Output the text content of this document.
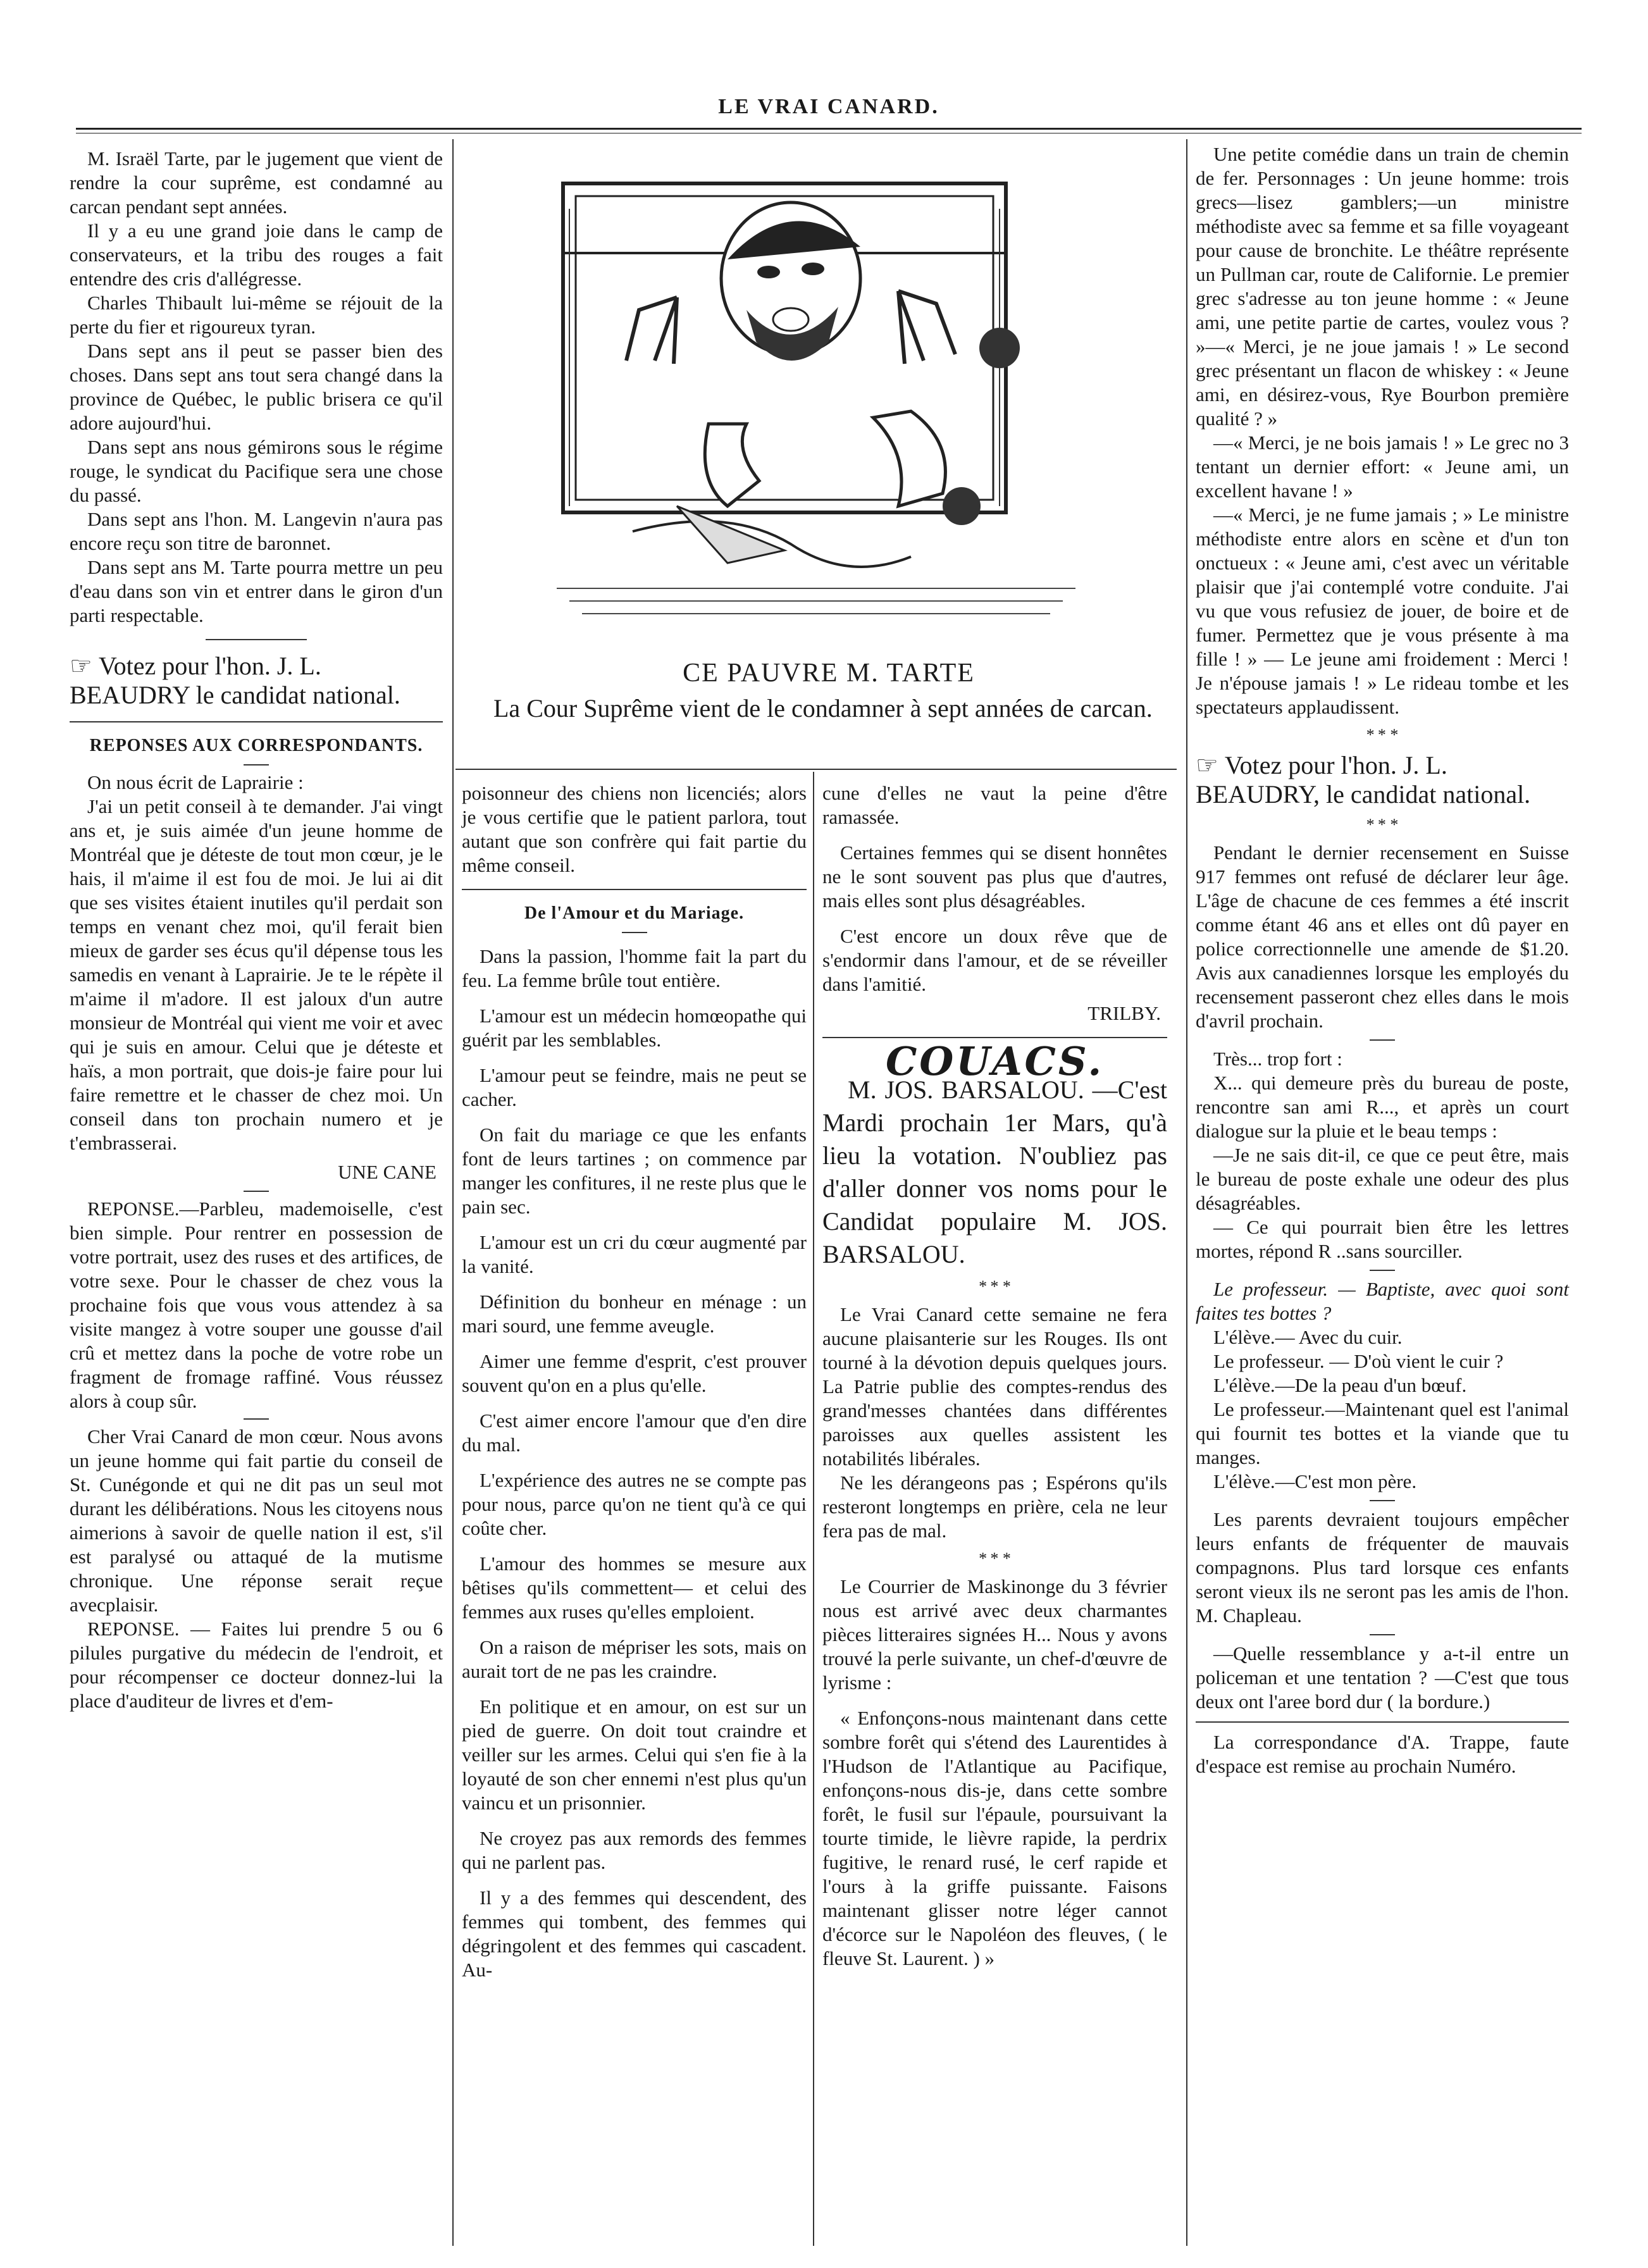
LE VRAI CANARD.

M. Israël Tarte, par le jugement que vient de rendre la cour suprême, est condamné au carcan pendant sept années.

Il y a eu une grand joie dans le camp de conservateurs, et la tribu des rouges a fait entendre des cris d'allégresse.

Charles Thibault lui-même se réjouit de la perte du fier et rigoureux tyran.

Dans sept ans il peut se passer bien des choses. Dans sept ans tout sera changé dans la province de Québec, le public brisera ce qu'il adore aujourd'hui.

Dans sept ans nous gémirons sous le régime rouge, le syndicat du Pacifique sera une chose du passé.

Dans sept ans l'hon. M. Langevin n'aura pas encore reçu son titre de baronnet.

Dans sept ans M. Tarte pourra mettre un peu d'eau dans son vin et entrer dans le giron d'un parti respectable.

☞ Votez pour l'hon. J. L. BEAUDRY le candidat national.

REPONSES AUX CORRESPONDANTS.

On nous écrit de Laprairie :

J'ai un petit conseil à te demander. J'ai vingt ans et, je suis aimée d'un jeune homme de Montréal que je déteste de tout mon cœur, je le hais, il m'aime il est fou de moi. Je lui ai dit que ses visites étaient inutiles qu'il perdait son temps en venant chez moi, qu'il ferait bien mieux de garder ses écus qu'il dépense tous les samedis en venant à Laprairie. Je te le répète il m'aime il m'adore. Il est jaloux d'un autre monsieur de Montréal qui vient me voir et avec qui je suis en amour. Celui que je déteste et haïs, a mon portrait, que dois-je faire pour lui faire remettre et le chasser de chez moi. Un conseil dans ton prochain numero et je t'embrasserai.

UNE CANE

REPONSE.—Parbleu, mademoiselle, c'est bien simple. Pour rentrer en possession de votre portrait, usez des ruses et des artifices, de votre sexe. Pour le chasser de chez vous la prochaine fois que vous vous attendez à sa visite mangez à votre souper une gousse d'ail crû et mettez dans la poche de votre robe un fragment de fromage raffiné. Vous réussez alors à coup sûr.

Cher Vrai Canard de mon cœur. Nous avons un jeune homme qui fait partie du conseil de St. Cunégonde et qui ne dit pas un seul mot durant les délibérations. Nous les citoyens nous aimerions à savoir de quelle nation il est, s'il est paralysé ou attaqué de la mutisme chronique. Une réponse serait reçue avecplaisir.

REPONSE. — Faites lui prendre 5 ou 6 pilules purgative du médecin de l'endroit, et pour récompenser ce docteur donnez-lui la place d'auditeur de livres et d'em-

CE PAUVRE M. TARTE
La Cour Suprême vient de le condamner à sept années de carcan.

poisonneur des chiens non licenciés; alors je vous certifie que le patient parlora, tout autant que son confrère qui fait partie du même conseil.

De l'Amour et du Mariage.

Dans la passion, l'homme fait la part du feu. La femme brûle tout entière.

L'amour est un médecin homœopathe qui guérit par les semblables.

L'amour peut se feindre, mais ne peut se cacher.

On fait du mariage ce que les enfants font de leurs tartines ; on commence par manger les confitures, il ne reste plus que le pain sec.

L'amour est un cri du cœur augmenté par la vanité.

Définition du bonheur en ménage : un mari sourd, une femme aveugle.

Aimer une femme d'esprit, c'est prouver souvent qu'on en a plus qu'elle.

C'est aimer encore l'amour que d'en dire du mal.

L'expérience des autres ne se compte pas pour nous, parce qu'on ne tient qu'à ce qui coûte cher.

L'amour des hommes se mesure aux bêtises qu'ils commettent— et celui des femmes aux ruses qu'elles emploient.

On a raison de mépriser les sots, mais on aurait tort de ne pas les craindre.

En politique et en amour, on est sur un pied de guerre. On doit tout craindre et veiller sur les armes. Celui qui s'en fie à la loyauté de son cher ennemi n'est plus qu'un vaincu et un prisonnier.

Ne croyez pas aux remords des femmes qui ne parlent pas.

Il y a des femmes qui descendent, des femmes qui tombent, des femmes qui dégringolent et des femmes qui cascadent. Au-

cune d'elles ne vaut la peine d'être ramassée.

Certaines femmes qui se disent honnêtes ne le sont souvent pas plus que d'autres, mais elles sont plus désagréables.

C'est encore un doux rêve que de s'endormir dans l'amour, et de se réveiller dans l'amitié.

TRILBY.

COUACS.

M. JOS. BARSALOU. —C'est Mardi prochain 1er Mars, qu'à lieu la votation. N'oubliez pas d'aller donner vos noms pour le Candidat populaire M. JOS. BARSALOU.

* * *

Le Vrai Canard cette semaine ne fera aucune plaisanterie sur les Rouges. Ils ont tourné à la dévotion depuis quelques jours. La Patrie publie des comptes-rendus des grand'messes chantées dans différentes paroisses aux quelles assistent les notabilités libérales.

Ne les dérangeons pas ; Espérons qu'ils resteront longtemps en prière, cela ne leur fera pas de mal.

* * *

Le Courrier de Maskinonge du 3 février nous est arrivé avec deux charmantes pièces litteraires signées H... Nous y avons trouvé la perle suivante, un chef-d'œuvre de lyrisme :

« Enfonçons-nous maintenant dans cette sombre forêt qui s'étend des Laurentides à l'Hudson de l'Atlantique au Pacifique, enfonçons-nous dis-je, dans cette sombre forêt, le fusil sur l'épaule, poursuivant la tourte timide, le lièvre rapide, la perdrix fugitive, le renard rusé, le cerf rapide et l'ours à la griffe puissante. Faisons maintenant glisser notre léger cannot d'écorce sur le Napoléon des fleuves, ( le fleuve St. Laurent. ) »

Une petite comédie dans un train de chemin de fer. Personnages : Un jeune homme: trois grecs—lisez gamblers;—un ministre méthodiste avec sa femme et sa fille voyageant pour cause de bronchite. Le théâtre représente un Pullman car, route de Californie. Le premier grec s'adresse au ton jeune homme : « Jeune ami, une petite partie de cartes, voulez vous ? »—« Merci, je ne joue jamais ! » Le second grec présentant un flacon de whiskey : « Jeune ami, en désirez-vous, Rye Bourbon première qualité ? »

—« Merci, je ne bois jamais ! » Le grec no 3 tentant un dernier effort: « Jeune ami, un excellent havane ! »

—« Merci, je ne fume jamais ; » Le ministre méthodiste entre alors en scène et d'un ton onctueux : « Jeune ami, c'est avec un véritable plaisir que j'ai contemplé votre conduite. J'ai vu que vous refusiez de jouer, de boire et de fumer. Permettez que je vous présente à ma fille ! » — Le jeune ami froidement : Merci ! Je n'épouse jamais ! » Le rideau tombe et les spectateurs applaudissent.

* * *

☞ Votez pour l'hon. J. L. BEAUDRY, le candidat national.

* * *

Pendant le dernier recensement en Suisse 917 femmes ont refusé de déclarer leur âge. L'âge de chacune de ces femmes a été inscrit comme étant 46 ans et elles ont dû payer en police correctionnelle une amende de $1.20. Avis aux canadiennes lorsque les employés du recensement passeront chez elles dans le mois d'avril prochain.

Très... trop fort :

X... qui demeure près du bureau de poste, rencontre san ami R..., et après un court dialogue sur la pluie et le beau temps :

—Je ne sais dit-il, ce que ce peut être, mais le bureau de poste exhale une odeur des plus désagréables.

— Ce qui pourrait bien être les lettres mortes, répond R ..sans sourciller.

Le professeur. — Baptiste, avec quoi sont faites tes bottes ?

L'élève.— Avec du cuir.

Le professeur. — D'où vient le cuir ?

L'élève.—De la peau d'un bœuf.

Le professeur.—Maintenant quel est l'animal qui fournit tes bottes et la viande que tu manges.

L'élève.—C'est mon père.

Les parents devraient toujours empêcher leurs enfants de fréquenter de mauvais compagnons. Plus tard lorsque ces enfants seront vieux ils ne seront pas les amis de l'hon. M. Chapleau.

—Quelle ressemblance y a-t-il entre un policeman et une tentation ? —C'est que tous deux ont l'aree bord dur ( la bordure.)

La correspondance d'A. Trappe, faute d'espace est remise au prochain Numéro.
